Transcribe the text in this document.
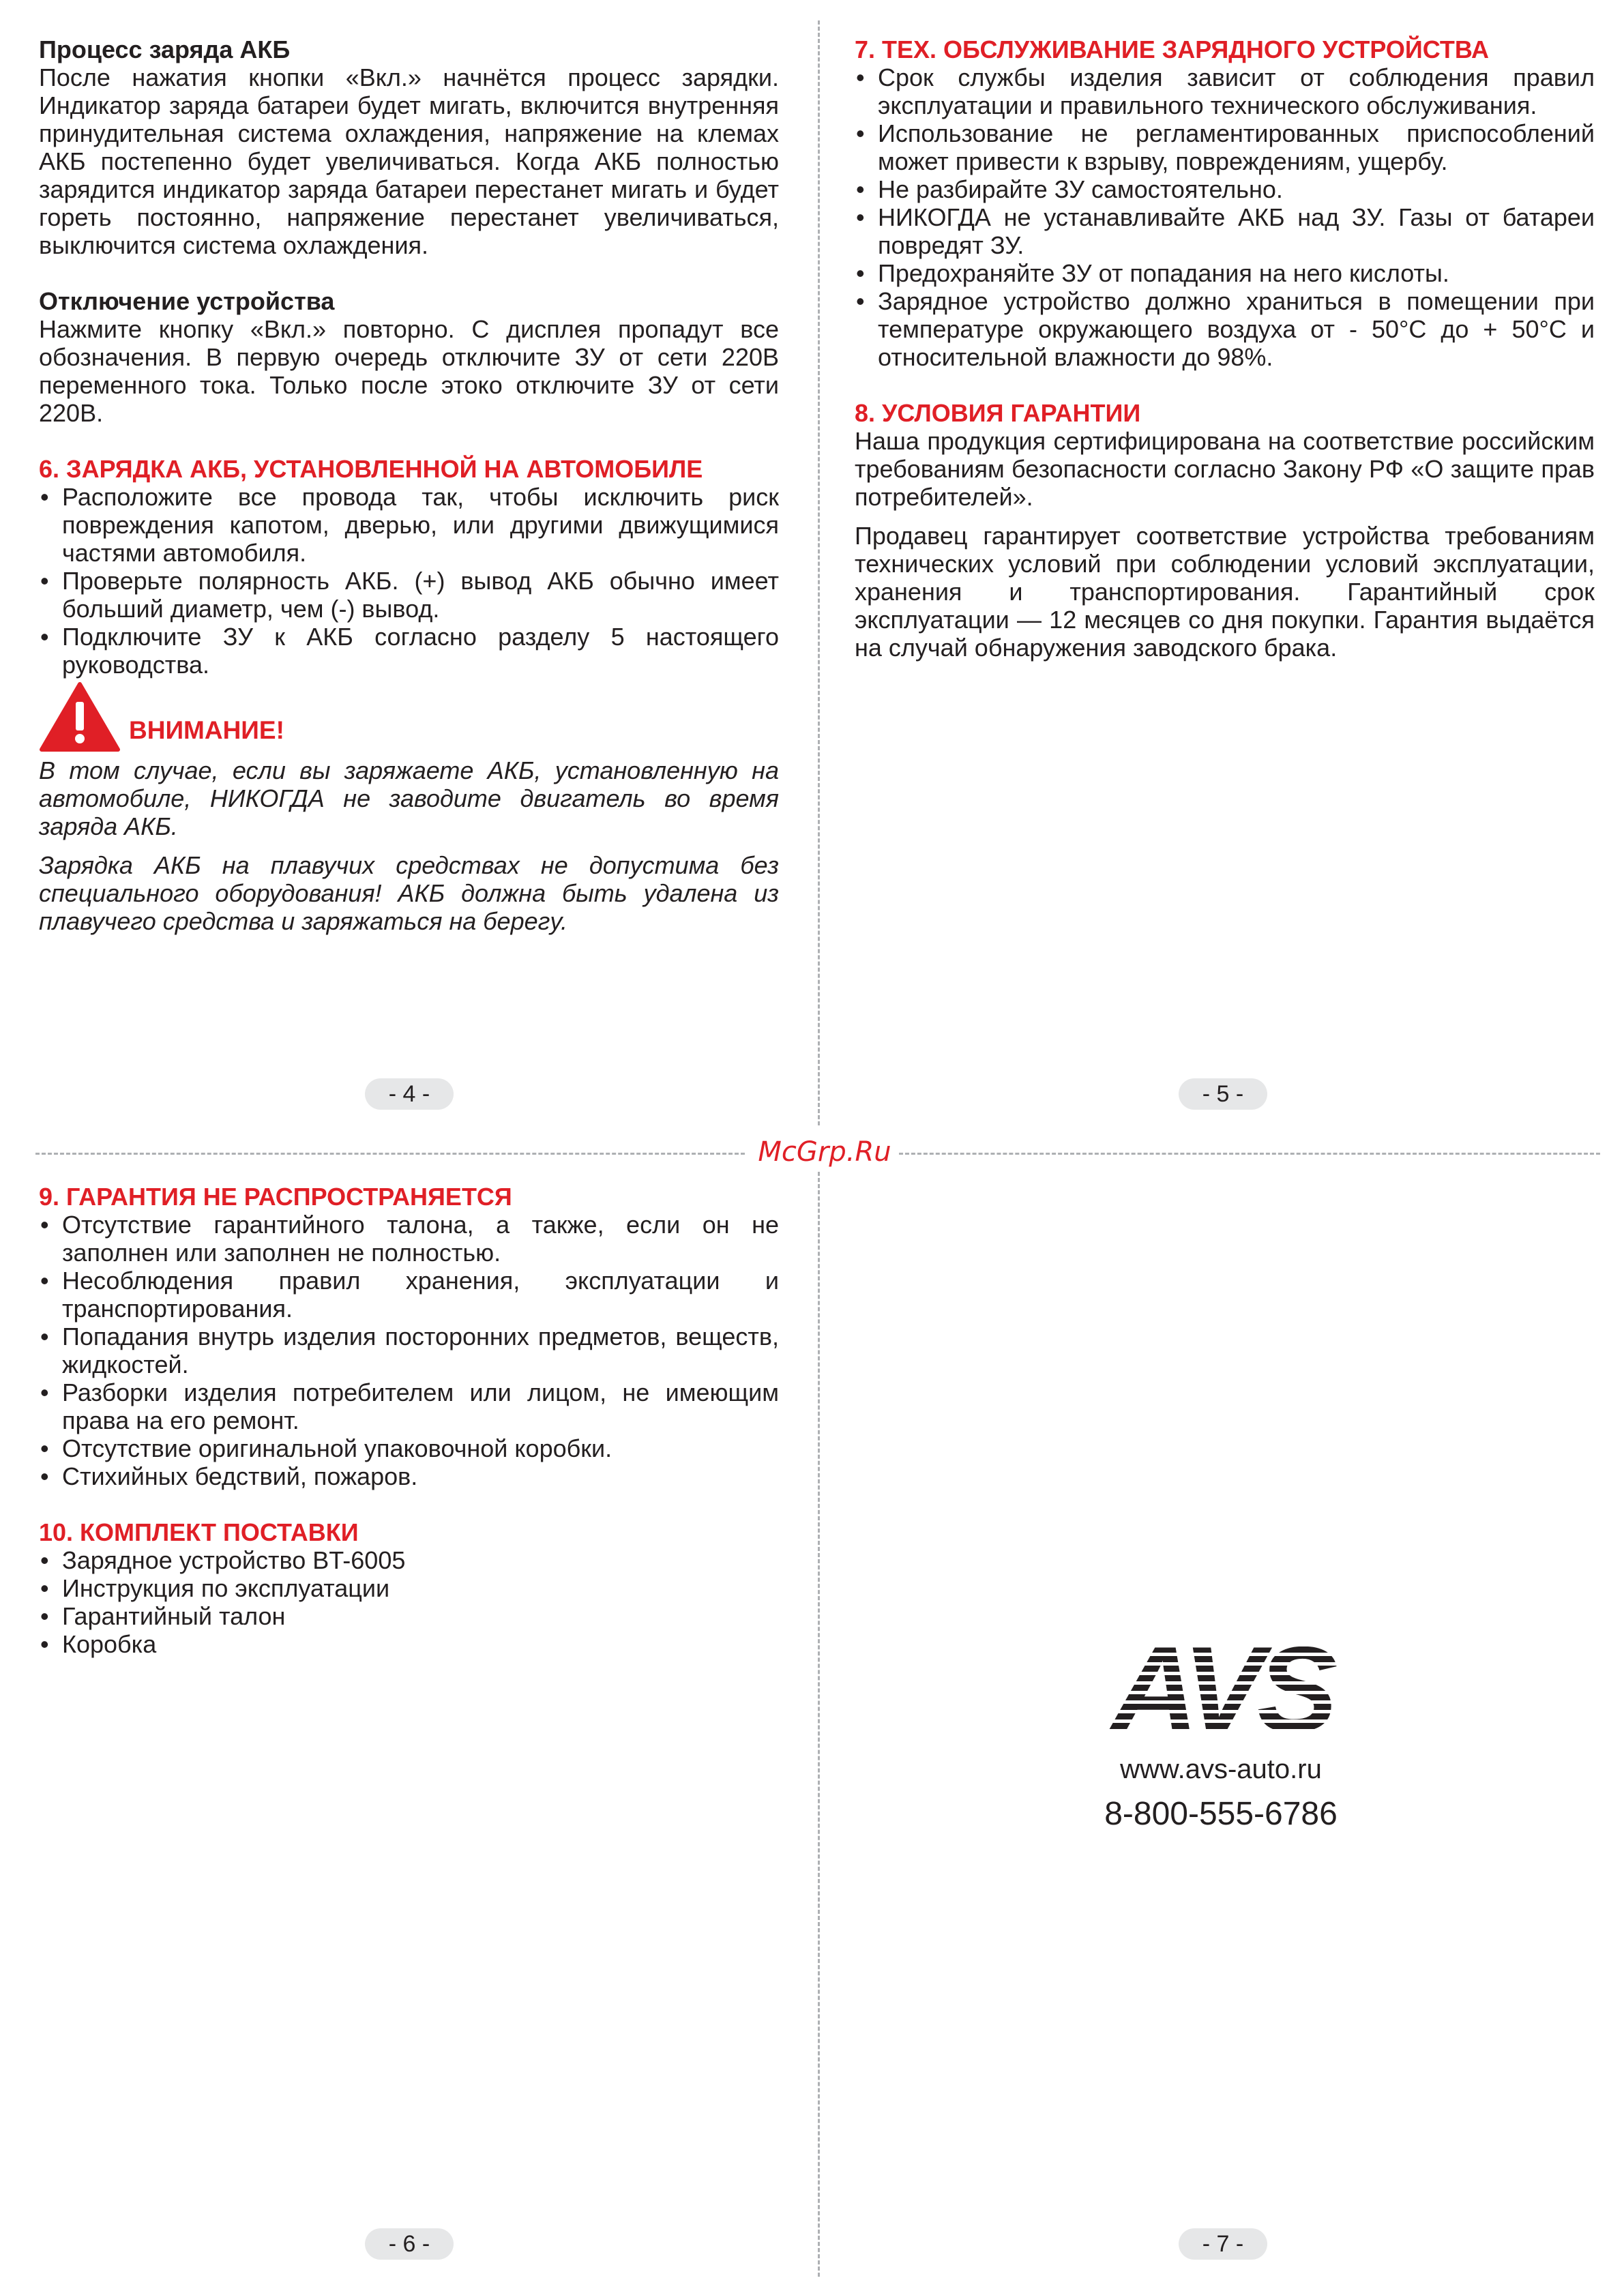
McGrp.Ru

Процесс заряда АКБ

После нажатия кнопки «Вкл.» начнётся процесс зарядки. Индикатор заряда батареи будет мигать, включится внутренняя принудительная система охлаждения, напряжение на клемах АКБ постепенно будет увеличиваться. Когда АКБ полностью зарядится индикатор заряда батареи перестанет мигать и будет гореть постоянно, напряжение перестанет увеличиваться, выключится система охлаждения.

Отключение устройства

Нажмите кнопку «Вкл.» повторно. С дисплея пропадут все обозначения. В первую очередь отключите ЗУ от сети 220В переменного тока. Только после этоко отключите ЗУ от сети 220В.

6. ЗАРЯДКА АКБ, УСТАНОВЛЕННОЙ НА АВТОМОБИЛЕ

• Расположите все провода так, чтобы исключить риск повреждения капотом, дверью, или другими движущимися частями автомобиля.
• Проверьте полярность АКБ. (+) вывод АКБ обычно имеет больший диаметр, чем (-) вывод.
• Подключите ЗУ к АКБ согласно разделу 5 настоящего руководства.
ВНИМАНИЕ!

В том случае, если вы заряжаете АКБ, установленную на автомобиле, НИКОГДА не заводите двигатель во время заряда АКБ.

Зарядка АКБ на плавучих средствах не допустима без специального оборудования! АКБ должна быть удалена из плавучего средства и заряжаться на берегу.

- 4 -

7. ТЕХ. ОБСЛУЖИВАНИЕ ЗАРЯДНОГО УСТРОЙСТВА

• Срок службы изделия зависит от соблюдения правил эксплуатации и правильного технического обслуживания.
• Использование не регламентированных приспособлений может привести к взрыву, повреждениям, ущербу.
• Не разбирайте ЗУ самостоятельно.
• НИКОГДА не устанавливайте АКБ над ЗУ. Газы от батареи повредят ЗУ.
• Предохраняйте ЗУ от попадания на него кислоты.
• Зарядное устройство должно храниться в помещении при температуре окружающего воздуха от - 50°C до + 50°C и относительной влажности до 98%.

8. УСЛОВИЯ ГАРАНТИИ

Наша продукция сертифицирована на соответствие российским требованиям безопасности согласно Закону РФ «О защите прав потребителей».

Продавец гарантирует соответствие устройства требованиям технических условий при соблюдении условий эксплуатации, хранения и транспортирования. Гарантийный срок эксплуатации — 12 месяцев со дня покупки. Гарантия выдаётся на случай обнаружения заводского брака.

- 5 -

9. ГАРАНТИЯ НЕ РАСПРОСТРАНЯЕТСЯ

• Отсутствие гарантийного талона, а также, если он не заполнен или заполнен не полностью.
• Несоблюдения правил хранения, эксплуатации и транспортирования.
• Попадания внутрь изделия посторонних предметов, веществ, жидкостей.
• Разборки изделия потребителем или лицом, не имеющим права на его ремонт.
• Отсутствие оригинальной упаковочной коробки.
• Стихийных бедствий, пожаров.

10. КОМПЛЕКТ ПОСТАВКИ

• Зарядное устройство BT-6005
• Инструкция по эксплуатации
• Гарантийный талон
• Коробка
- 6 -
AVS
www.avs-auto.ru
8-800-555-6786
- 7 -
